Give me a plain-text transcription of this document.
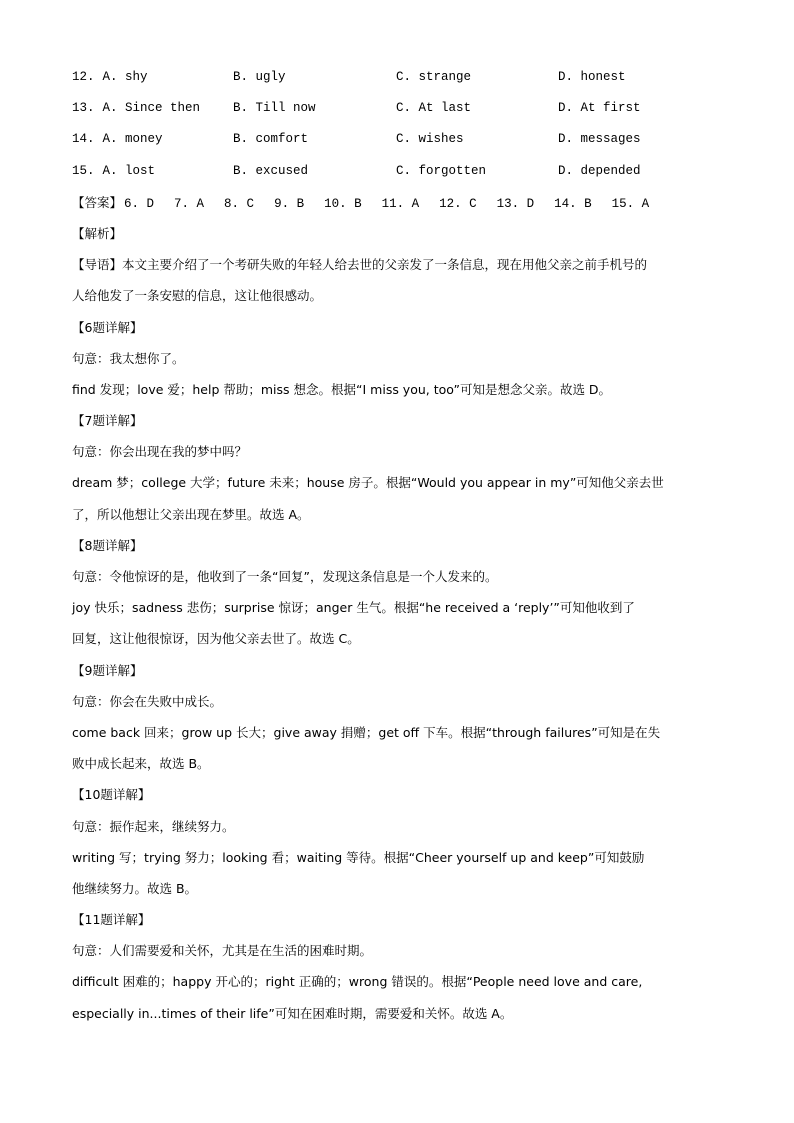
12. A. shy	B. ugly	C. strange	D. honest
13. A. Since then	B. Till now	C. At last	D. At first
14. A. money	B. comfort	C. wishes	D. messages
15. A. lost	B. excused	C. forgotten	D. depended
【答案】 6. D 7. A 8. C 9. B 10. B 11. A 12. C 13. D 14. B 15. A
【解析】
【导语】本文主要介绍了一个考研失败的年轻人给去世的父亲发了一条信息，现在用他父亲之前手机号的
人给他发了一条安慰的信息，这让他很感动。
【6题详解】
句意：我太想你了。
find 发现；love 爱；help 帮助；miss 想念。根据“I miss you, too”可知是想念父亲。故选 D。
【7题详解】
句意：你会出现在我的梦中吗？
dream 梦；college 大学；future 未来；house 房子。根据“Would you appear in my”可知他父亲去世
了，所以他想让父亲出现在梦里。故选 A。
【8题详解】
句意：令他惊讶的是，他收到了一条“回复”，发现这条信息是一个人发来的。
joy 快乐；sadness 悲伤；surprise 惊讶；anger 生气。根据“he received a ‘reply’”可知他收到了
回复，这让他很惊讶，因为他父亲去世了。故选 C。
【9题详解】
句意：你会在失败中成长。
come back 回来；grow up 长大；give away 捐赠；get off 下车。根据“through failures”可知是在失
败中成长起来，故选 B。
【10题详解】
句意：振作起来，继续努力。
writing 写；trying 努力；looking 看；waiting 等待。根据“Cheer yourself up and keep”可知鼓励
他继续努力。故选 B。
【11题详解】
句意：人们需要爱和关怀，尤其是在生活的困难时期。
difficult 困难的；happy 开心的；right 正确的；wrong 错误的。根据“People need love and care,
especially in...times of their life”可知在困难时期，需要爱和关怀。故选 A。
